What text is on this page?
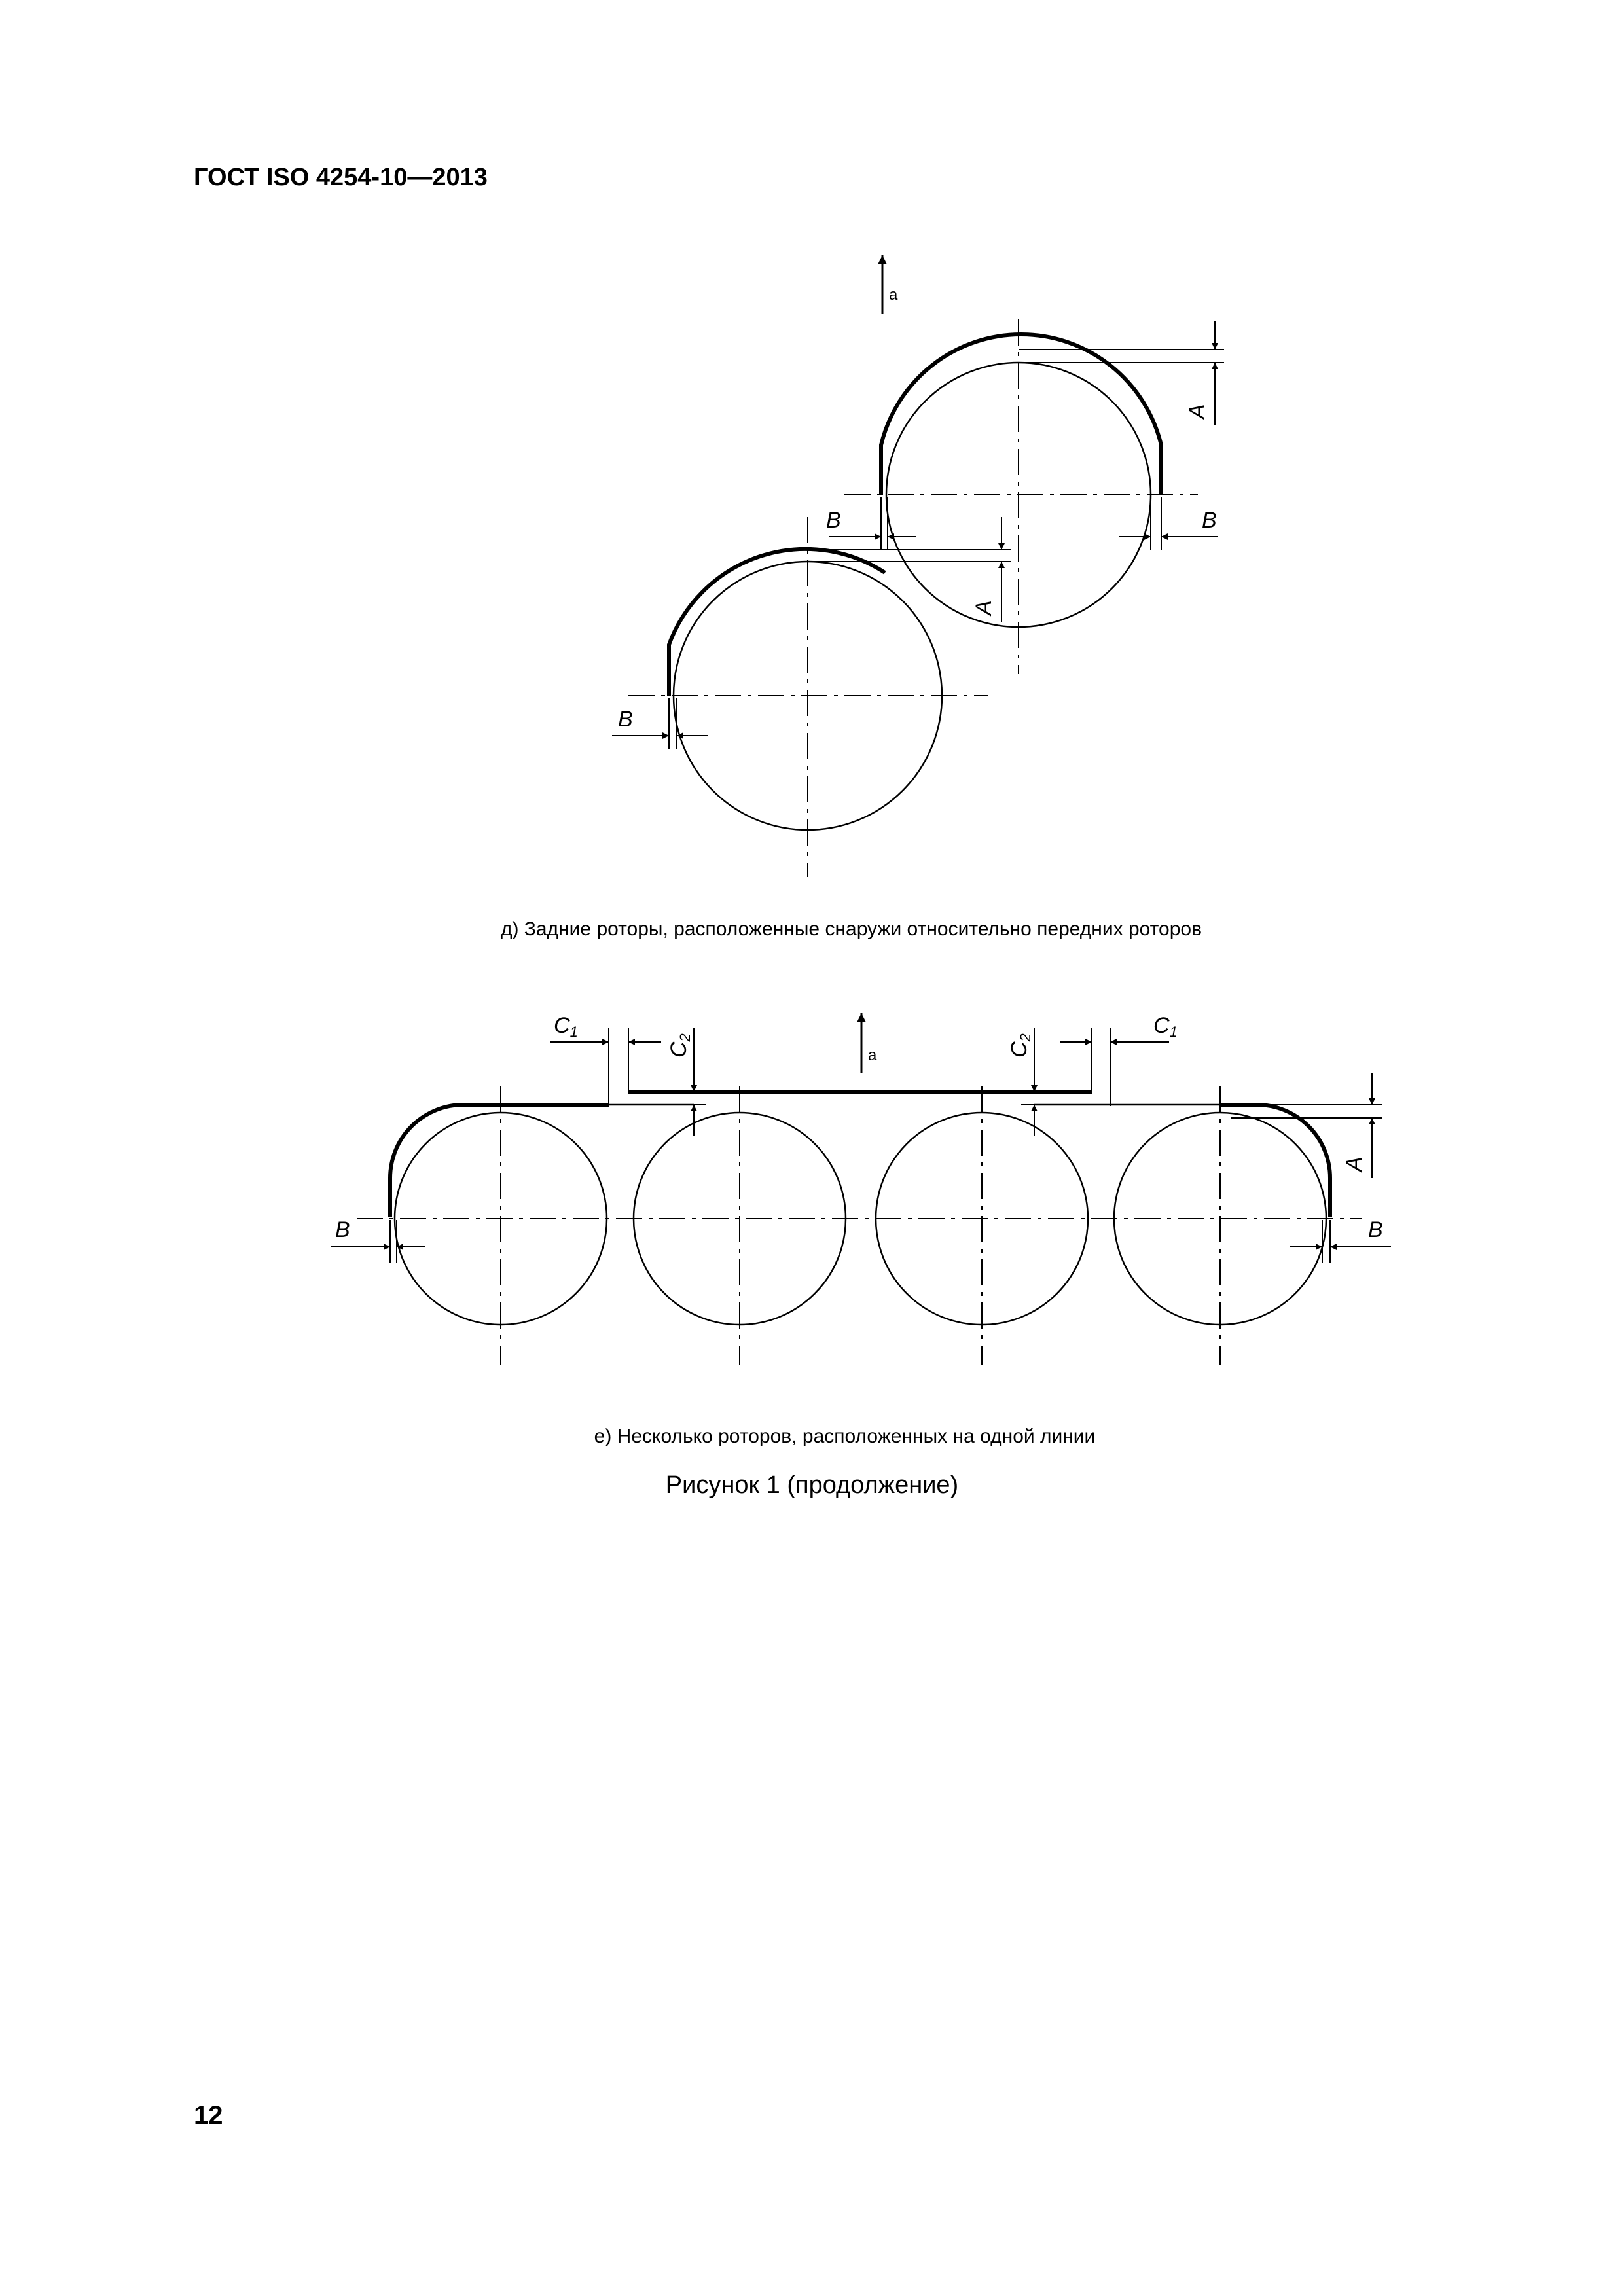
ГОСТ ISO 4254-10—2013
a
A
A
B	B
B
a
C1
C2
C2	C1
A
B	B
д) Задние роторы, расположенные снаружи относительно передних роторов
е) Несколько роторов, расположенных на одной линии
Рисунок 1 (продолжение)
12
